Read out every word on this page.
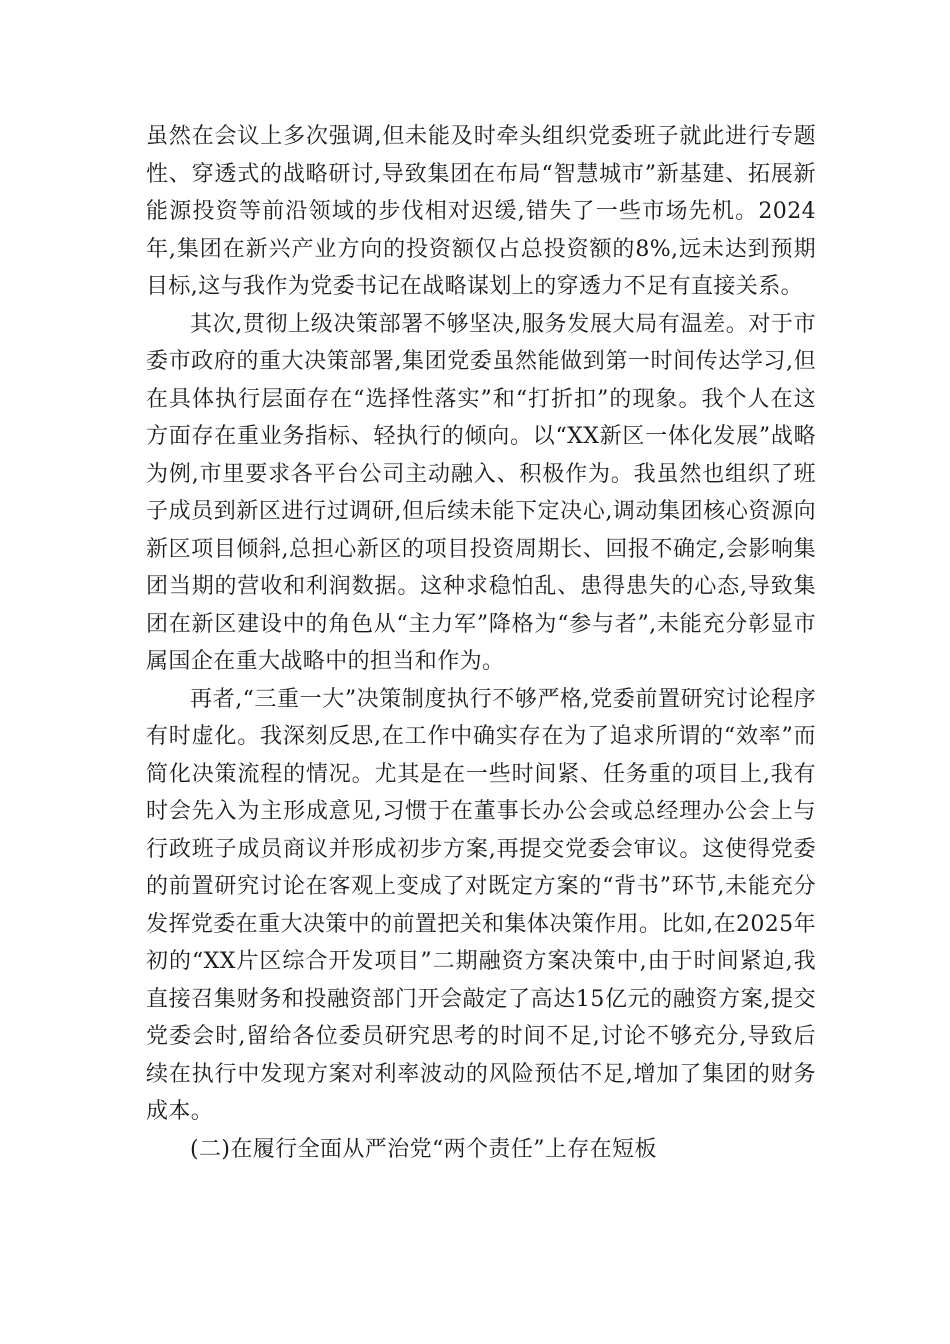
虽然在会议上多次强调,但未能及时牵头组织党委班子就此进行专题性、穿透式的战略研讨,导致集团在布局“智慧城市”新基建、拓展新能源投资等前沿领域的步伐相对迟缓,错失了一些市场先机。2024年,集团在新兴产业方向的投资额仅占总投资额的8%,远未达到预期目标,这与我作为党委书记在战略谋划上的穿透力不足有直接关系。

其次,贯彻上级决策部署不够坚决,服务发展大局有温差。对于市委市政府的重大决策部署,集团党委虽然能做到第一时间传达学习,但在具体执行层面存在“选择性落实”和“打折扣”的现象。我个人在这方面存在重业务指标、轻执行的倾向。以“XX新区一体化发展”战略为例,市里要求各平台公司主动融入、积极作为。我虽然也组织了班子成员到新区进行过调研,但后续未能下定决心,调动集团核心资源向新区项目倾斜,总担心新区的项目投资周期长、回报不确定,会影响集团当期的营收和利润数据。这种求稳怕乱、患得患失的心态,导致集团在新区建设中的角色从“主力军”降格为“参与者”,未能充分彰显市属国企在重大战略中的担当和作为。

再者,“三重一大”决策制度执行不够严格,党委前置研究讨论程序有时虚化。我深刻反思,在工作中确实存在为了追求所谓的“效率”而简化决策流程的情况。尤其是在一些时间紧、任务重的项目上,我有时会先入为主形成意见,习惯于在董事长办公会或总经理办公会上与行政班子成员商议并形成初步方案,再提交党委会审议。这使得党委的前置研究讨论在客观上变成了对既定方案的“背书”环节,未能充分发挥党委在重大决策中的前置把关和集体决策作用。比如,在2025年初的“XX片区综合开发项目”二期融资方案决策中,由于时间紧迫,我直接召集财务和投融资部门开会敲定了高达15亿元的融资方案,提交党委会时,留给各位委员研究思考的时间不足,讨论不够充分,导致后续在执行中发现方案对利率波动的风险预估不足,增加了集团的财务成本。

(二)在履行全面从严治党“两个责任”上存在短板
